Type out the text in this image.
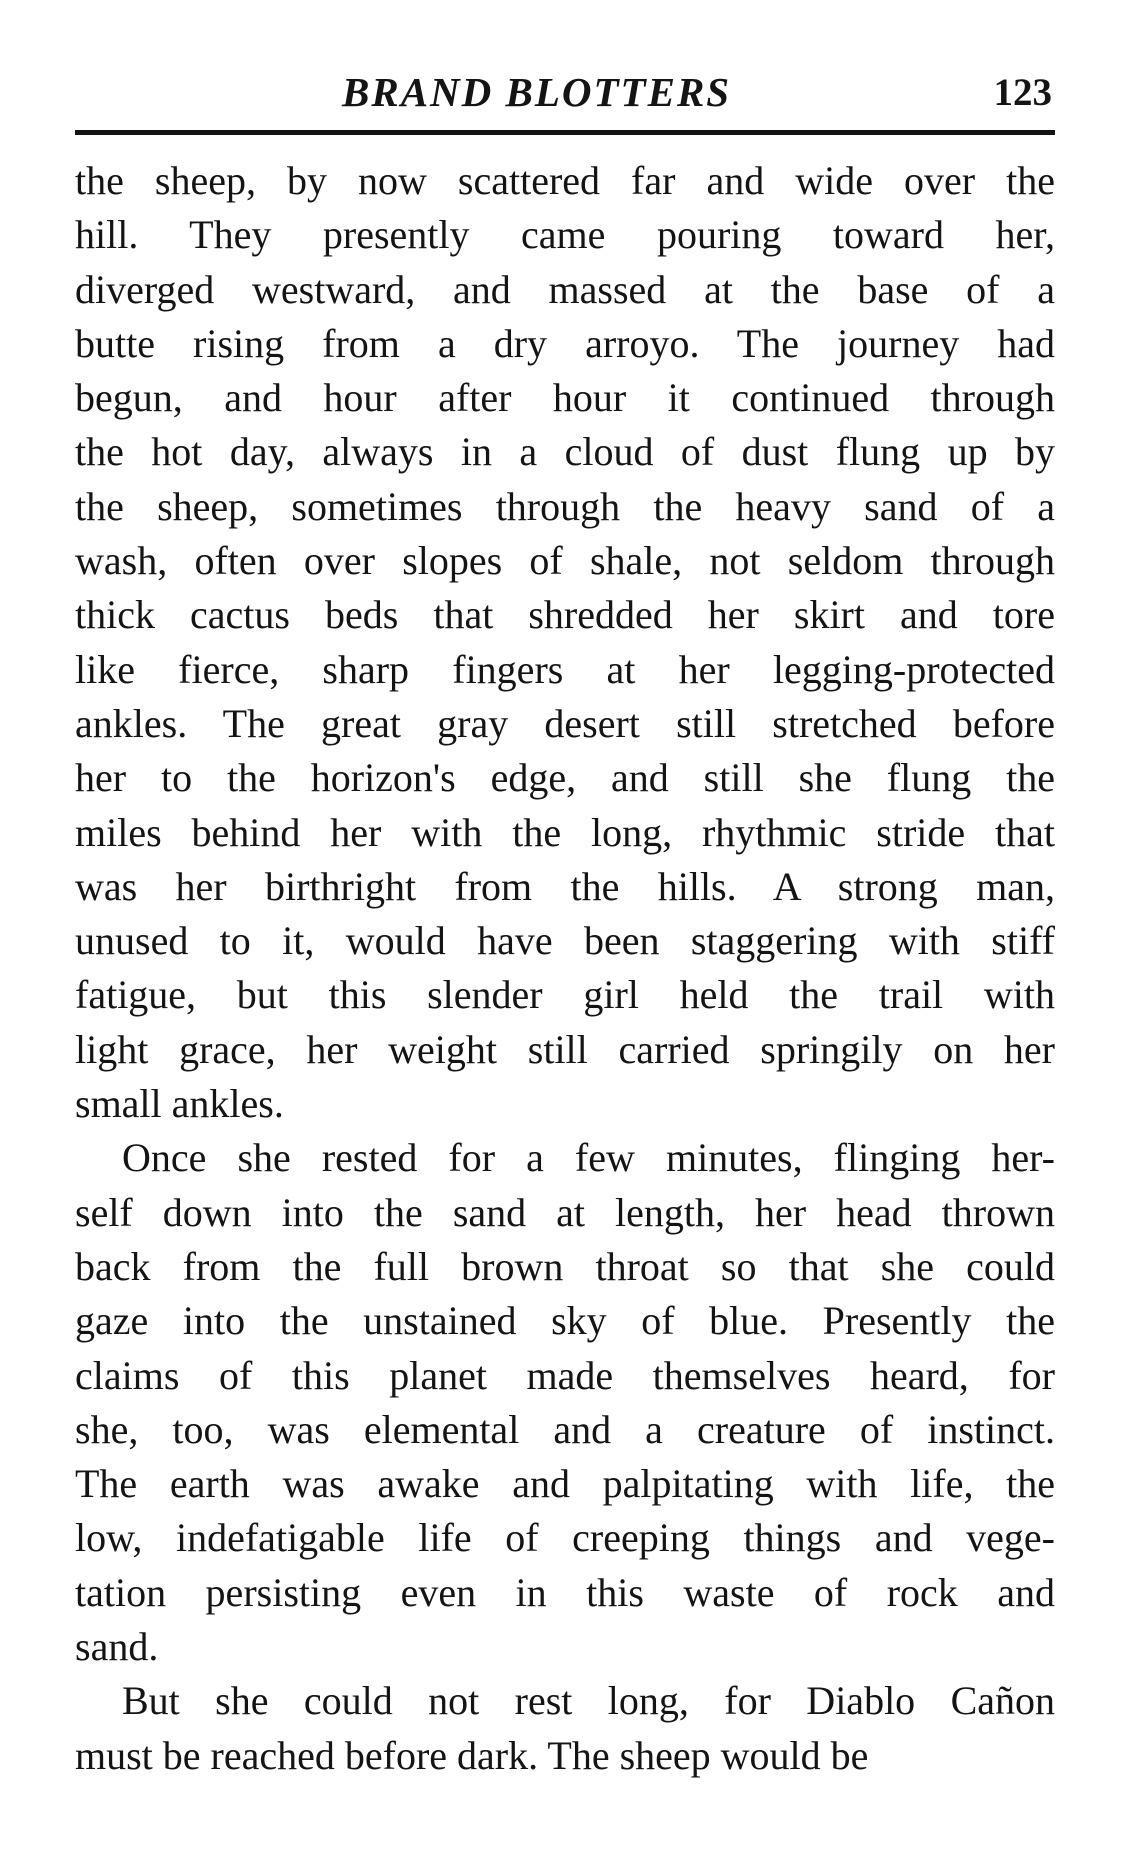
BRAND BLOTTERS	123
the sheep, by now scattered far and wide over the
hill. They presently came pouring toward her,
diverged westward, and massed at the base of a
butte rising from a dry arroyo. The journey had
begun, and hour after hour it continued through
the hot day, always in a cloud of dust flung up by
the sheep, sometimes through the heavy sand of a
wash, often over slopes of shale, not seldom through
thick cactus beds that shredded her skirt and tore
like fierce, sharp fingers at her legging-protected
ankles. The great gray desert still stretched before
her to the horizon's edge, and still she flung the
miles behind her with the long, rhythmic stride that
was her birthright from the hills. A strong man,
unused to it, would have been staggering with stiff
fatigue, but this slender girl held the trail with
light grace, her weight still carried springily on her
small ankles.
Once she rested for a few minutes, flinging her-
self down into the sand at length, her head thrown
back from the full brown throat so that she could
gaze into the unstained sky of blue. Presently the
claims of this planet made themselves heard, for
she, too, was elemental and a creature of instinct.
The earth was awake and palpitating with life, the
low, indefatigable life of creeping things and vege-
tation persisting even in this waste of rock and
sand.
But she could not rest long, for Diablo Cañon
must be reached before dark. The sheep would be
